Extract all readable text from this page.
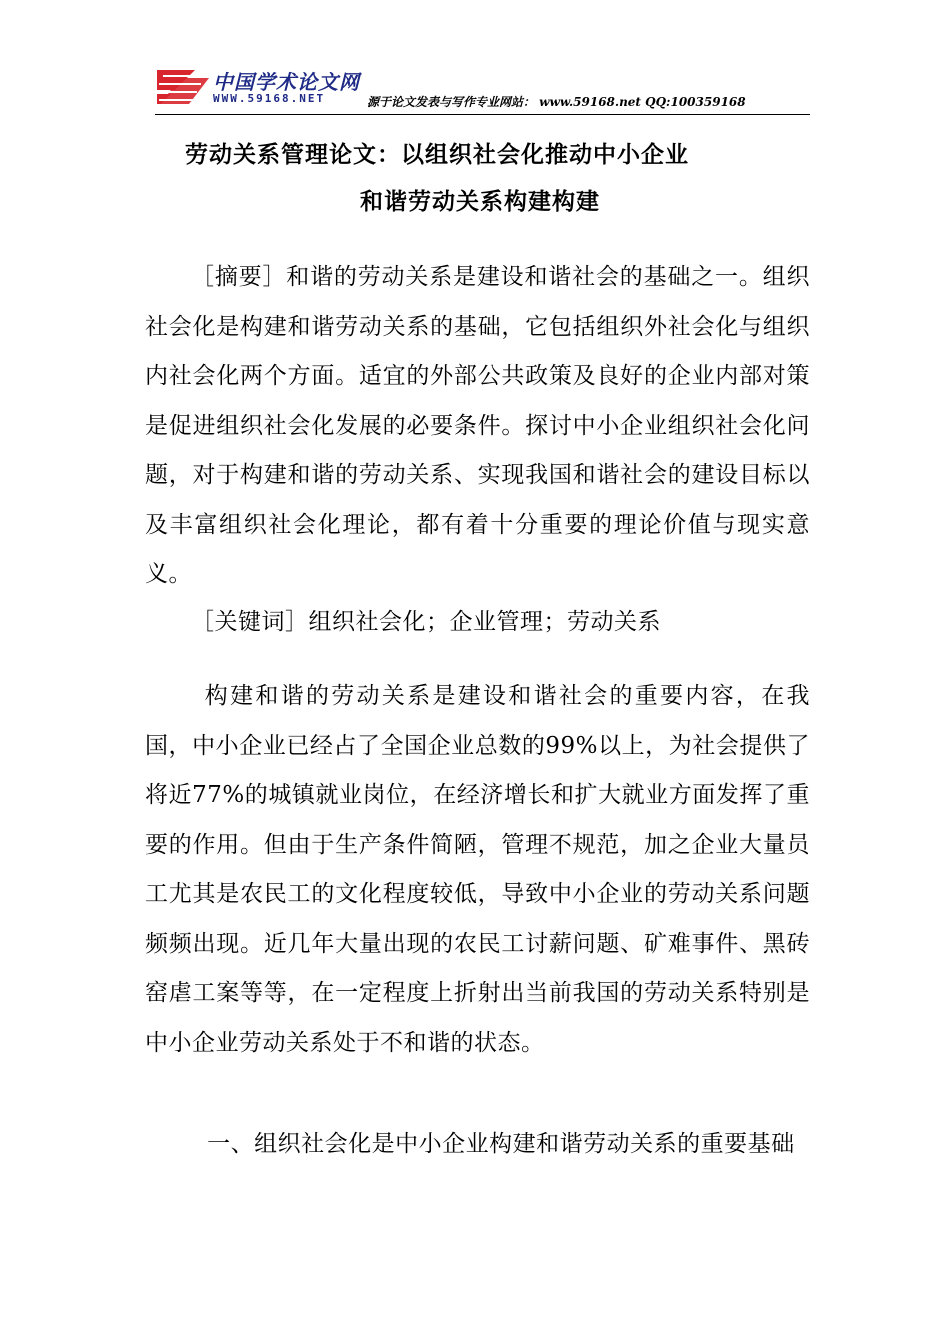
中国学术论文网
WWW.59168.NET	源于论文发表与写作专业网站： www.59168.net QQ:100359168
劳动关系管理论文：以组织社会化推动中小企业
和谐劳动关系构建构建

［摘要］和谐的劳动关系是建设和谐社会的基础之一。组织社会化是构建和谐劳动关系的基础，它包括组织外社会化与组织内社会化两个方面。适宜的外部公共政策及良好的企业内部对策是促进组织社会化发展的必要条件。探讨中小企业组织社会化问题，对于构建和谐的劳动关系、实现我国和谐社会的建设目标以及丰富组织社会化理论，都有着十分重要的理论价值与现实意义。

［关键词］组织社会化；企业管理；劳动关系

构建和谐的劳动关系是建设和谐社会的重要内容，在我国，中小企业已经占了全国企业总数的99%以上，为社会提供了将近77%的城镇就业岗位，在经济增长和扩大就业方面发挥了重要的作用。但由于生产条件简陋，管理不规范，加之企业大量员工尤其是农民工的文化程度较低，导致中小企业的劳动关系问题频频出现。近几年大量出现的农民工讨薪问题、矿难事件、黑砖窑虐工案等等，在一定程度上折射出当前我国的劳动关系特别是中小企业劳动关系处于不和谐的状态。

一、组织社会化是中小企业构建和谐劳动关系的重要基础
